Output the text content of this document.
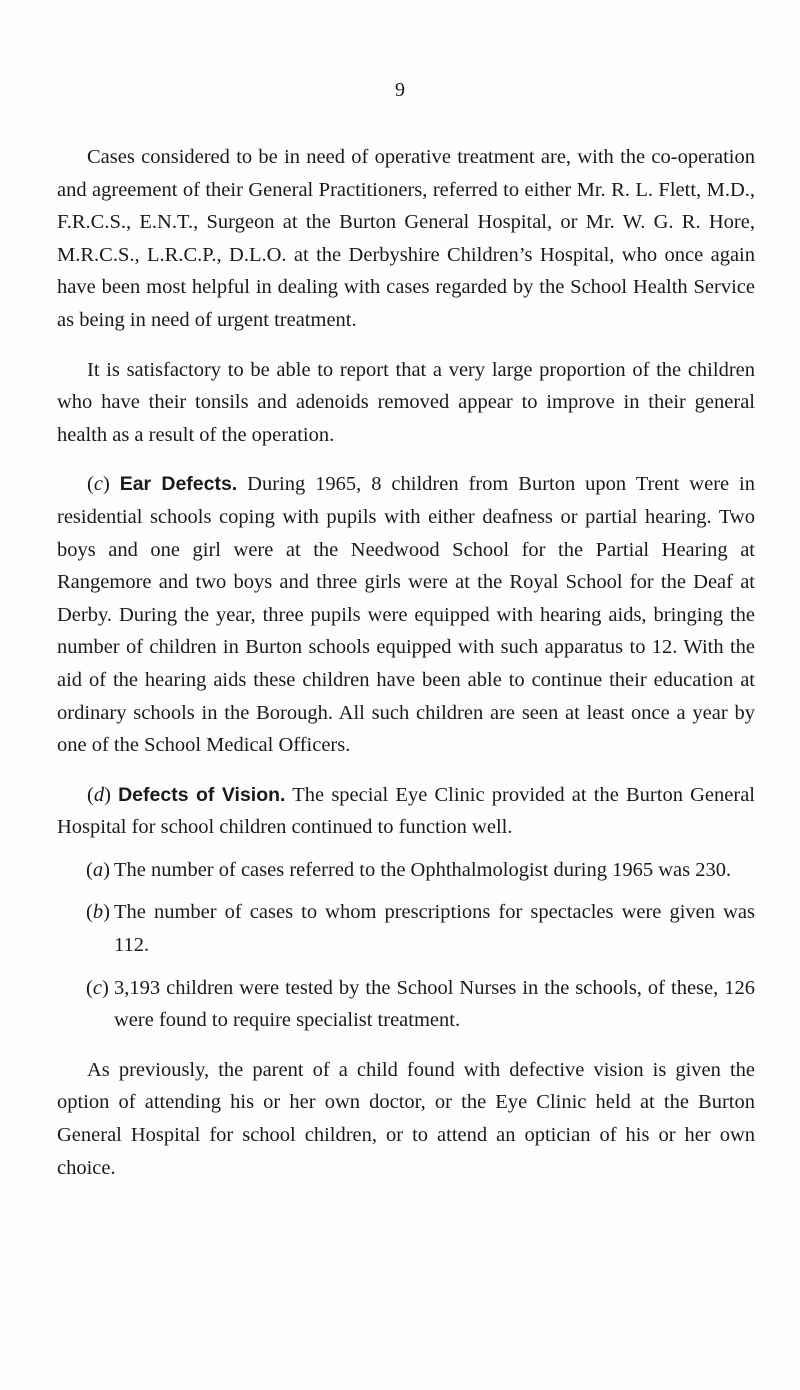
9

Cases considered to be in need of operative treatment are, with the co-operation and agreement of their General Practitioners, referred to either Mr. R. L. Flett, M.D., F.R.C.S., E.N.T., Surgeon at the Burton General Hospital, or Mr. W. G. R. Hore, M.R.C.S., L.R.C.P., D.L.O. at the Derbyshire Children’s Hospital, who once again have been most helpful in dealing with cases regarded by the School Health Service as being in need of urgent treatment.

It is satisfactory to be able to report that a very large proportion of the children who have their tonsils and adenoids removed appear to improve in their general health as a result of the operation.

(c) Ear Defects. During 1965, 8 children from Burton upon Trent were in residential schools coping with pupils with either deafness or partial hearing. Two boys and one girl were at the Needwood School for the Partial Hearing at Rangemore and two boys and three girls were at the Royal School for the Deaf at Derby. During the year, three pupils were equipped with hearing aids, bringing the number of children in Burton schools equipped with such apparatus to 12. With the aid of the hearing aids these children have been able to continue their education at ordinary schools in the Borough. All such children are seen at least once a year by one of the School Medical Officers.

(d) Defects of Vision. The special Eye Clinic provided at the Burton General Hospital for school children continued to function well.

(a) The number of cases referred to the Ophthalmologist during 1965 was 230.
(b) The number of cases to whom prescriptions for spectacles were given was 112.
(c) 3,193 children were tested by the School Nurses in the schools, of these, 126 were found to require specialist treatment.

As previously, the parent of a child found with defective vision is given the option of attending his or her own doctor, or the Eye Clinic held at the Burton General Hospital for school children, or to attend an optician of his or her own choice.
